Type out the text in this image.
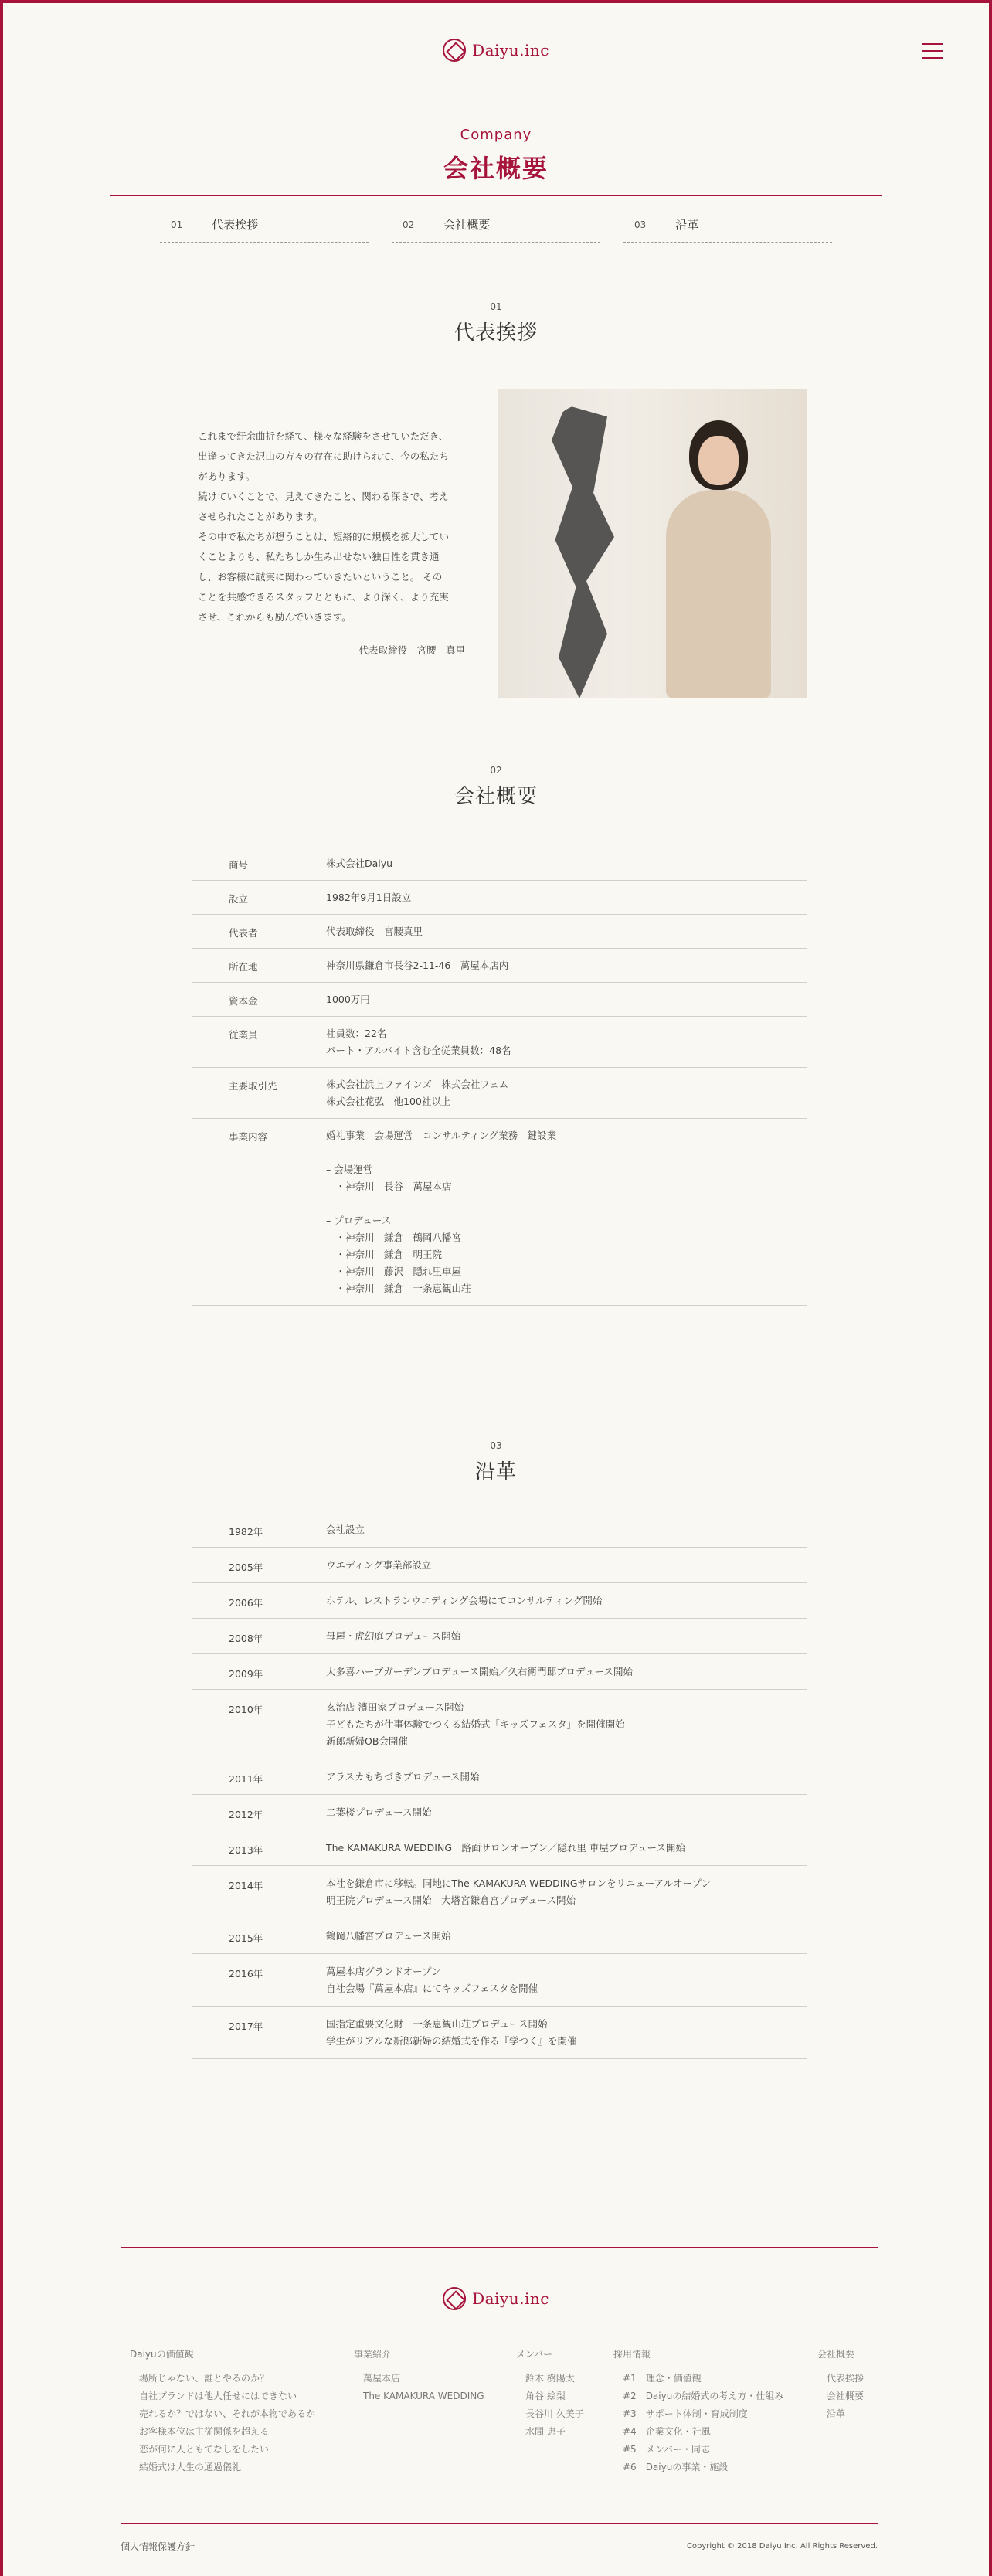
Daiyu.inc
Company
会社概要
01	代表挨拶	02	会社概要	03	沿革
01
代表挨拶
これまで紆余曲折を経て、様々な経験をさせていただき、
出逢ってきた沢山の方々の存在に助けられて、今の私たち
があります。
続けていくことで、見えてきたこと、関わる深さで、考え
させられたことがあります。
その中で私たちが想うことは、短絡的に規模を拡大してい
くことよりも、私たちしか生み出せない独自性を貫き通
し、お客様に誠実に関わっていきたいということ。 その
ことを共感できるスタッフとともに、より深く、より充実
させ、これからも励んでいきます。
代表取締役　宮腰　真里
02
会社概要
商号	株式会社Daiyu
設立	1982年9月1日設立
代表者	代表取締役　宮腰真里
所在地	神奈川県鎌倉市長谷2-11-46　萬屋本店内
資本金	1000万円
従業員	社員数：22名
パート・アルバイト含む全従業員数：48名
主要取引先	株式会社浜上ファインズ　株式会社フェム
株式会社花弘　他100社以上
事業内容	婚礼事業　会場運営　コンサルティング業務　鍵設業

– 会場運営
　・神奈川　長谷　萬屋本店

– プロデュース
　・神奈川　鎌倉　鶴岡八幡宮
　・神奈川　鎌倉　明王院
　・神奈川　藤沢　隠れ里車屋
　・神奈川　鎌倉　一条恵観山荘
03
沿革
1982年	会社設立
2005年	ウエディング事業部設立
2006年	ホテル、レストランウエディング会場にてコンサルティング開始
2008年	母屋・虎幻庭プロデュース開始
2009年	大多喜ハーブガーデンプロデュース開始／久右衛門邸プロデュース開始
2010年	玄治店 濱田家プロデュース開始
子どもたちが仕事体験でつくる結婚式「キッズフェスタ」を開催開始
新郎新婦OB会開催
2011年	アラスカもちづきプロデュース開始
2012年	二葉楼プロデュース開始
2013年	The KAMAKURA WEDDING　路面サロンオープン／隠れ里 車屋プロデュース開始
2014年	本社を鎌倉市に移転。同地にThe KAMAKURA WEDDINGサロンをリニューアルオープン
明王院プロデュース開始　大塔宮鎌倉宮プロデュース開始
2015年	鶴岡八幡宮プロデュース開始
2016年	萬屋本店グランドオープン
自社会場『萬屋本店』にてキッズフェスタを開催
2017年	国指定重要文化財　一条恵観山荘プロデュース開始
学生がリアルな新郎新婦の結婚式を作る『学つく』を開催
Daiyu.inc
Daiyuの価値観
場所じゃない、誰とやるのか？
自社ブランドは他人任せにはできない
売れるか？ではない、それが本物であるか
お客様本位は主従関係を超える
恋が何に人ともてなしをしたい
結婚式は人生の通過儀礼
事業紹介
萬屋本店
The KAMAKURA WEDDING
メンバー
鈴木 樹陽太
角谷 絵梨
長谷川 久美子
水間 恵子
採用情報
#1　理念・価値観
#2　Daiyuの結婚式の考え方・仕組み
#3　サポート体制・育成制度
#4　企業文化・社風
#5　メンバー・同志
#6　Daiyuの事業・施設
会社概要
代表挨拶
会社概要
沿革
個人情報保護方針	Copyright © 2018 Daiyu Inc. All Rights Reserved.
